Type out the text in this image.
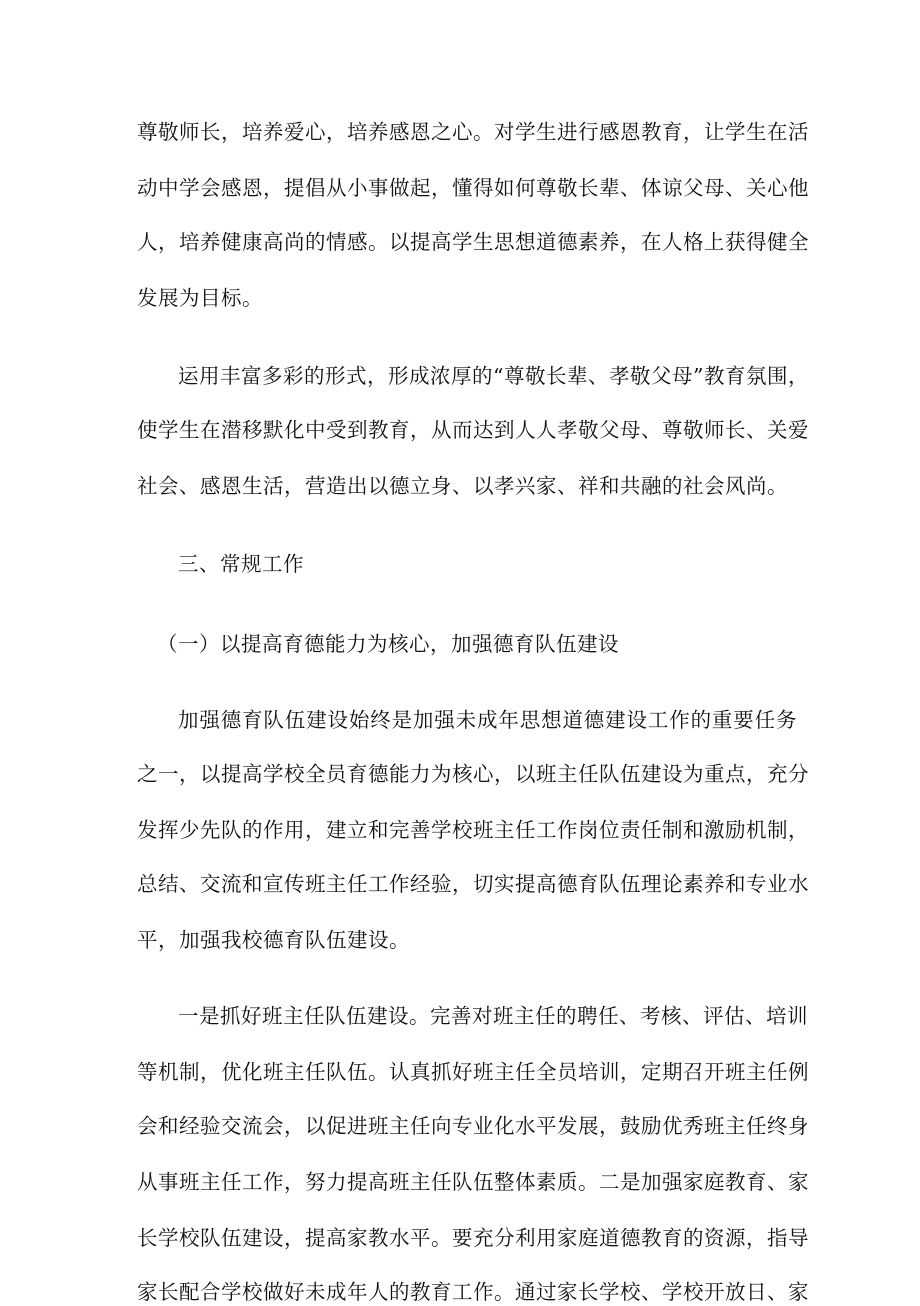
尊敬师长，培养爱心，培养感恩之心。对学生进行感恩教育，让学生在活
动中学会感恩，提倡从小事做起，懂得如何尊敬长辈、体谅父母、关心他
人，培养健康高尚的情感。以提高学生思想道德素养，在人格上获得健全
发展为目标。
运用丰富多彩的形式，形成浓厚的“尊敬长辈、孝敬父母”教育氛围，
使学生在潜移默化中受到教育，从而达到人人孝敬父母、尊敬师长、关爱
社会、感恩生活，营造出以德立身、以孝兴家、祥和共融的社会风尚。
三、常规工作
（一）以提高育德能力为核心，加强德育队伍建设
加强德育队伍建设始终是加强未成年思想道德建设工作的重要任务
之一，以提高学校全员育德能力为核心，以班主任队伍建设为重点，充分
发挥少先队的作用，建立和完善学校班主任工作岗位责任制和激励机制，
总结、交流和宣传班主任工作经验，切实提高德育队伍理论素养和专业水
平，加强我校德育队伍建设。
一是抓好班主任队伍建设。完善对班主任的聘任、考核、评估、培训
等机制，优化班主任队伍。认真抓好班主任全员培训，定期召开班主任例
会和经验交流会，以促进班主任向专业化水平发展，鼓励优秀班主任终身
从事班主任工作，努力提高班主任队伍整体素质。二是加强家庭教育、家
长学校队伍建设，提高家教水平。要充分利用家庭道德教育的资源，指导
家长配合学校做好未成年人的教育工作。通过家长学校、学校开放日、家
